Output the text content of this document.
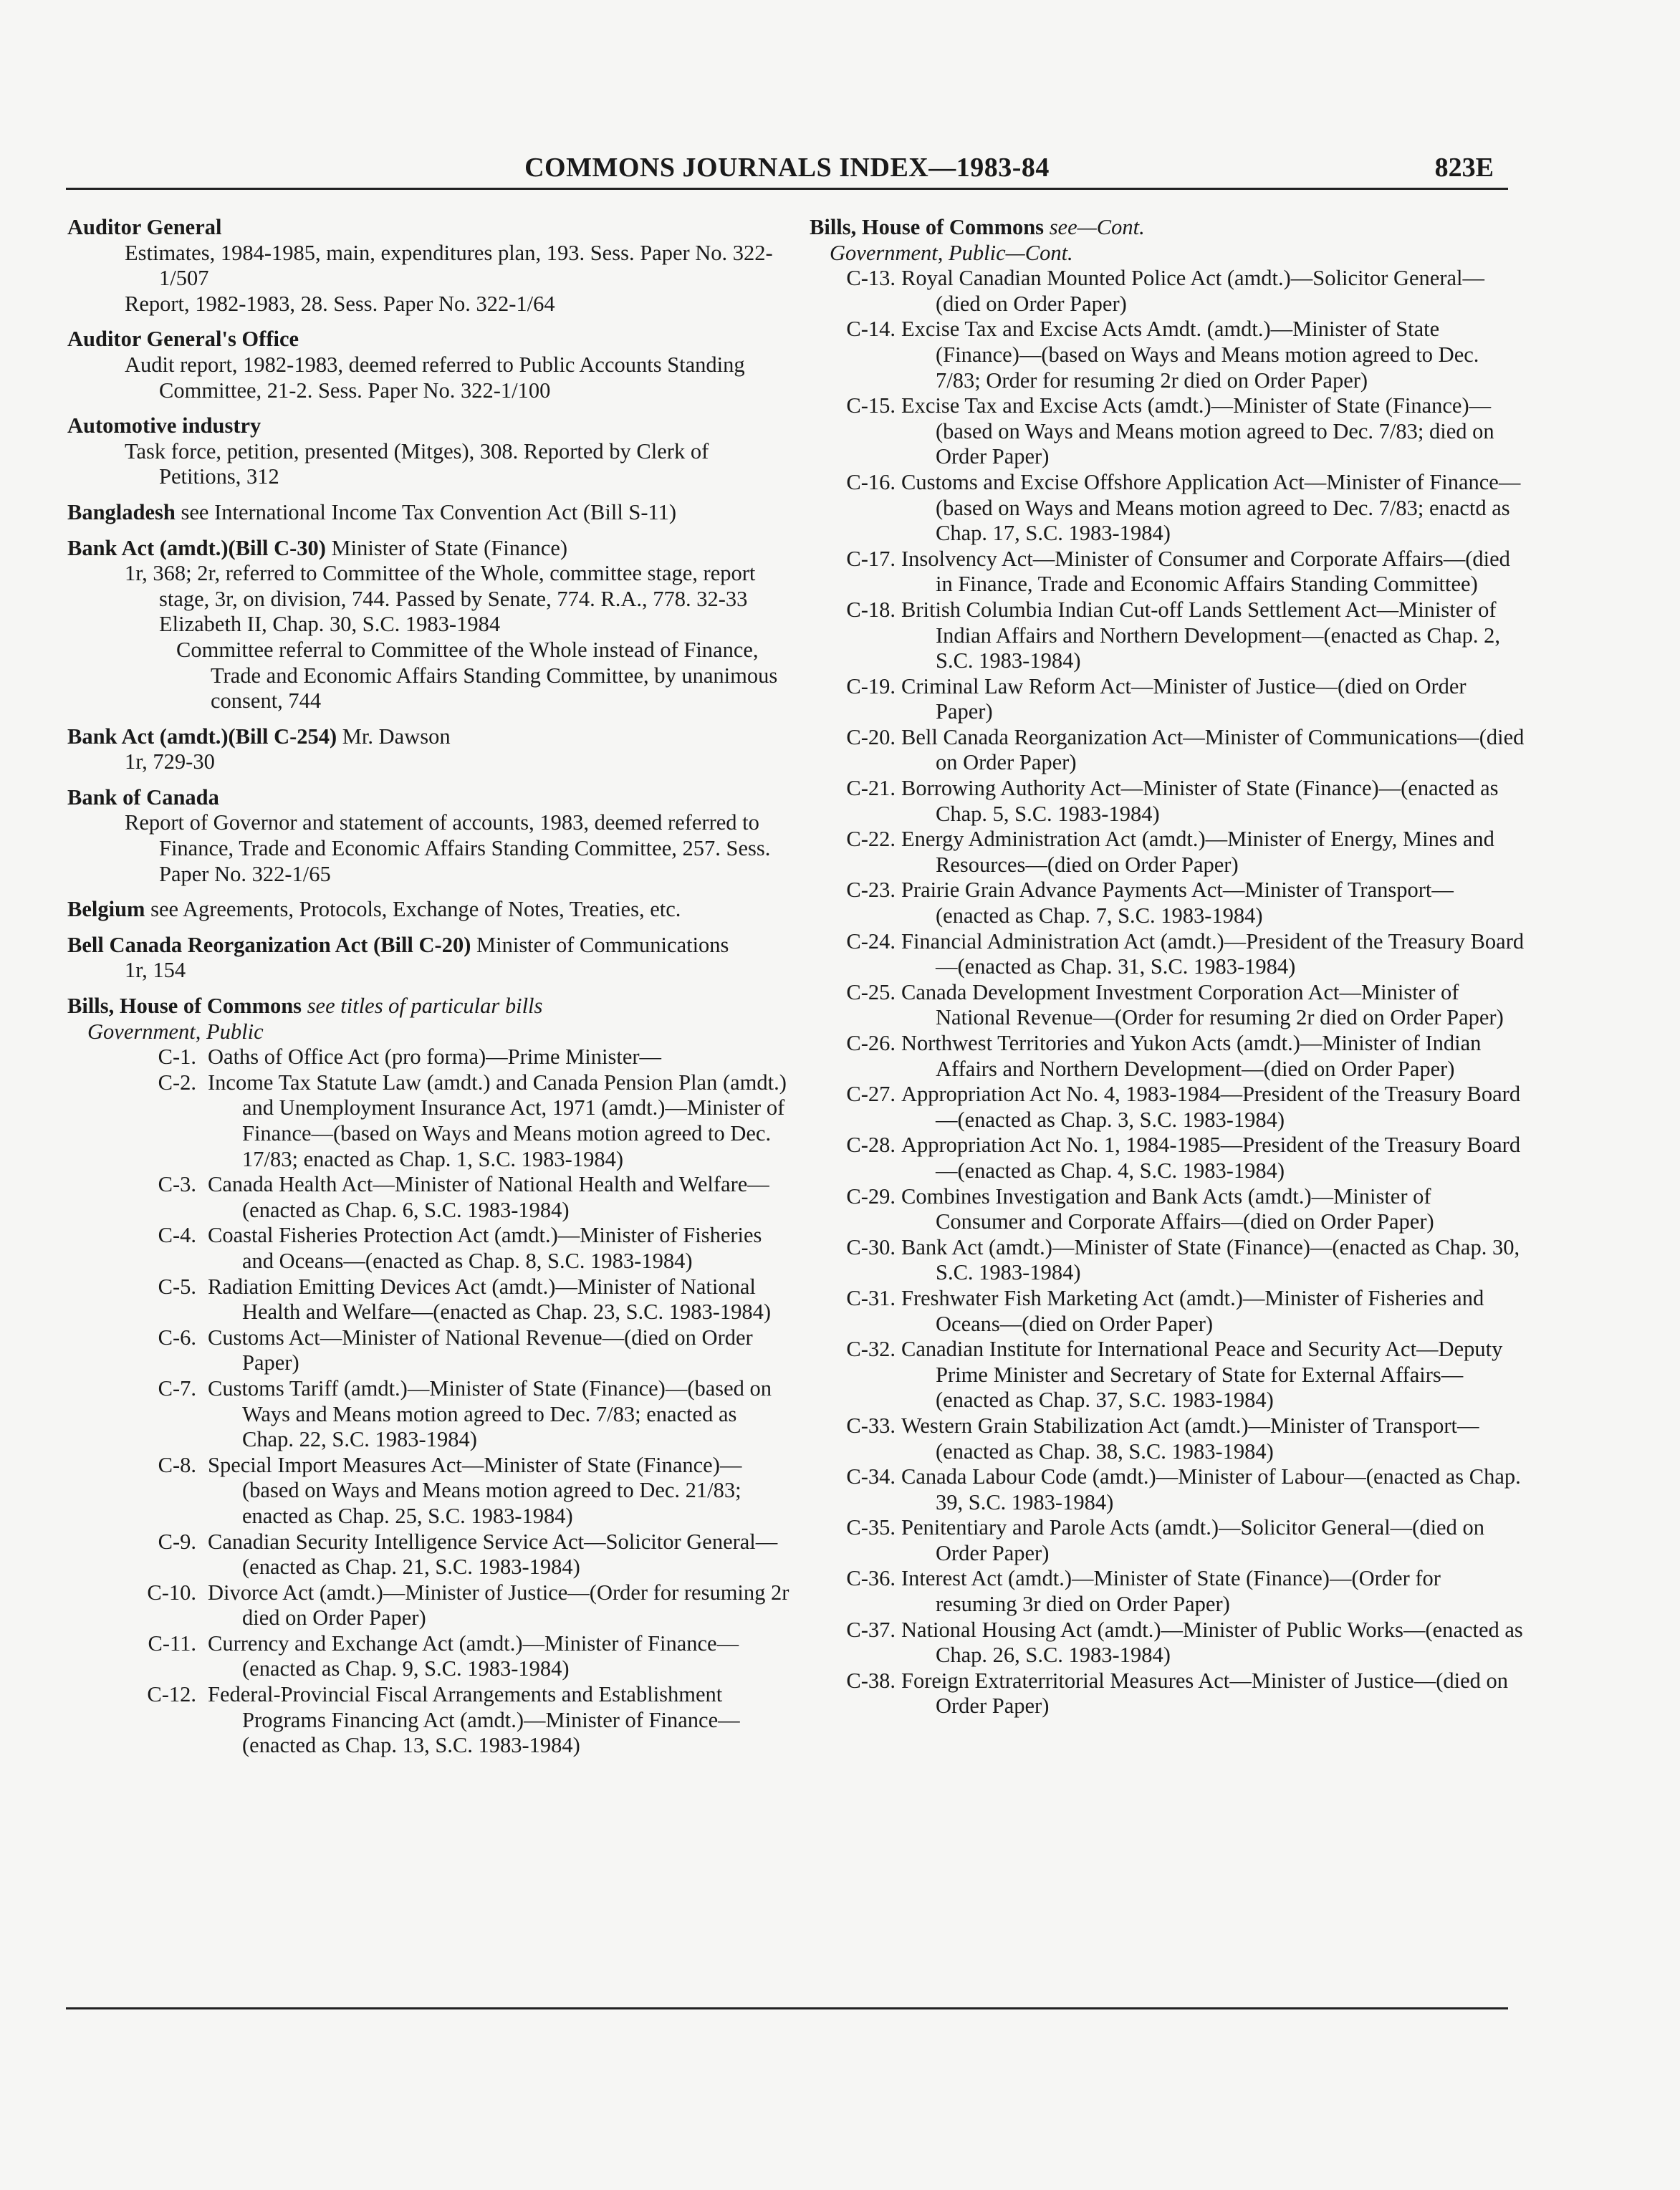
COMMONS JOURNALS INDEX—1983-84	823E
Auditor General
Estimates, 1984-1985, main, expenditures plan, 193. Sess. Paper No. 322-1/507
Report, 1982-1983, 28. Sess. Paper No. 322-1/64
Auditor General's Office
Audit report, 1982-1983, deemed referred to Public Accounts Standing Committee, 21-2. Sess. Paper No. 322-1/100
Automotive industry
Task force, petition, presented (Mitges), 308. Reported by Clerk of Petitions, 312
Bangladesh see International Income Tax Convention Act (Bill S-11)
Bank Act (amdt.)(Bill C-30) Minister of State (Finance)
1r, 368; 2r, referred to Committee of the Whole, committee stage, report stage, 3r, on division, 744. Passed by Senate, 774. R.A., 778. 32-33 Elizabeth II, Chap. 30, S.C. 1983-1984
Committee referral to Committee of the Whole instead of Finance, Trade and Economic Affairs Standing Committee, by unanimous consent, 744
Bank Act (amdt.)(Bill C-254) Mr. Dawson
1r, 729-30
Bank of Canada
Report of Governor and statement of accounts, 1983, deemed referred to Finance, Trade and Economic Affairs Standing Committee, 257. Sess. Paper No. 322-1/65
Belgium see Agreements, Protocols, Exchange of Notes, Treaties, etc.
Bell Canada Reorganization Act (Bill C-20) Minister of Communications
1r, 154
Bills, House of Commons see titles of particular bills
Government, Public
C-1. Oaths of Office Act (pro forma)—Prime Minister—
C-2. Income Tax Statute Law (amdt.) and Canada Pension Plan (amdt.) and Unemployment Insurance Act, 1971 (amdt.)—Minister of Finance—(based on Ways and Means motion agreed to Dec. 17/83; enacted as Chap. 1, S.C. 1983-1984)
C-3. Canada Health Act—Minister of National Health and Welfare—(enacted as Chap. 6, S.C. 1983-1984)
C-4. Coastal Fisheries Protection Act (amdt.)—Minister of Fisheries and Oceans—(enacted as Chap. 8, S.C. 1983-1984)
C-5. Radiation Emitting Devices Act (amdt.)—Minister of National Health and Welfare—(enacted as Chap. 23, S.C. 1983-1984)
C-6. Customs Act—Minister of National Revenue—(died on Order Paper)
C-7. Customs Tariff (amdt.)—Minister of State (Finance)—(based on Ways and Means motion agreed to Dec. 7/83; enacted as Chap. 22, S.C. 1983-1984)
C-8. Special Import Measures Act—Minister of State (Finance)—(based on Ways and Means motion agreed to Dec. 21/83; enacted as Chap. 25, S.C. 1983-1984)
C-9. Canadian Security Intelligence Service Act—Solicitor General—(enacted as Chap. 21, S.C. 1983-1984)
C-10. Divorce Act (amdt.)—Minister of Justice—(Order for resuming 2r died on Order Paper)
C-11. Currency and Exchange Act (amdt.)—Minister of Finance—(enacted as Chap. 9, S.C. 1983-1984)
C-12. Federal-Provincial Fiscal Arrangements and Establishment Programs Financing Act (amdt.)—Minister of Finance—(enacted as Chap. 13, S.C. 1983-1984)
Bills, House of Commons see—Cont.
Government, Public—Cont.
C-13. Royal Canadian Mounted Police Act (amdt.)—Solicitor General—(died on Order Paper)
C-14. Excise Tax and Excise Acts Amdt. (amdt.)—Minister of State (Finance)—(based on Ways and Means motion agreed to Dec. 7/83; Order for resuming 2r died on Order Paper)
C-15. Excise Tax and Excise Acts (amdt.)—Minister of State (Finance)—(based on Ways and Means motion agreed to Dec. 7/83; died on Order Paper)
C-16. Customs and Excise Offshore Application Act—Minister of Finance—(based on Ways and Means motion agreed to Dec. 7/83; enactd as Chap. 17, S.C. 1983-1984)
C-17. Insolvency Act—Minister of Consumer and Corporate Affairs—(died in Finance, Trade and Economic Affairs Standing Committee)
C-18. British Columbia Indian Cut-off Lands Settlement Act—Minister of Indian Affairs and Northern Development—(enacted as Chap. 2, S.C. 1983-1984)
C-19. Criminal Law Reform Act—Minister of Justice—(died on Order Paper)
C-20. Bell Canada Reorganization Act—Minister of Communications—(died on Order Paper)
C-21. Borrowing Authority Act—Minister of State (Finance)—(enacted as Chap. 5, S.C. 1983-1984)
C-22. Energy Administration Act (amdt.)—Minister of Energy, Mines and Resources—(died on Order Paper)
C-23. Prairie Grain Advance Payments Act—Minister of Transport—(enacted as Chap. 7, S.C. 1983-1984)
C-24. Financial Administration Act (amdt.)—President of the Treasury Board—(enacted as Chap. 31, S.C. 1983-1984)
C-25. Canada Development Investment Corporation Act—Minister of National Revenue—(Order for resuming 2r died on Order Paper)
C-26. Northwest Territories and Yukon Acts (amdt.)—Minister of Indian Affairs and Northern Development—(died on Order Paper)
C-27. Appropriation Act No. 4, 1983-1984—President of the Treasury Board—(enacted as Chap. 3, S.C. 1983-1984)
C-28. Appropriation Act No. 1, 1984-1985—President of the Treasury Board—(enacted as Chap. 4, S.C. 1983-1984)
C-29. Combines Investigation and Bank Acts (amdt.)—Minister of Consumer and Corporate Affairs—(died on Order Paper)
C-30. Bank Act (amdt.)—Minister of State (Finance)—(enacted as Chap. 30, S.C. 1983-1984)
C-31. Freshwater Fish Marketing Act (amdt.)—Minister of Fisheries and Oceans—(died on Order Paper)
C-32. Canadian Institute for International Peace and Security Act—Deputy Prime Minister and Secretary of State for External Affairs—(enacted as Chap. 37, S.C. 1983-1984)
C-33. Western Grain Stabilization Act (amdt.)—Minister of Transport—(enacted as Chap. 38, S.C. 1983-1984)
C-34. Canada Labour Code (amdt.)—Minister of Labour—(enacted as Chap. 39, S.C. 1983-1984)
C-35. Penitentiary and Parole Acts (amdt.)—Solicitor General—(died on Order Paper)
C-36. Interest Act (amdt.)—Minister of State (Finance)—(Order for resuming 3r died on Order Paper)
C-37. National Housing Act (amdt.)—Minister of Public Works—(enacted as Chap. 26, S.C. 1983-1984)
C-38. Foreign Extraterritorial Measures Act—Minister of Justice—(died on Order Paper)
